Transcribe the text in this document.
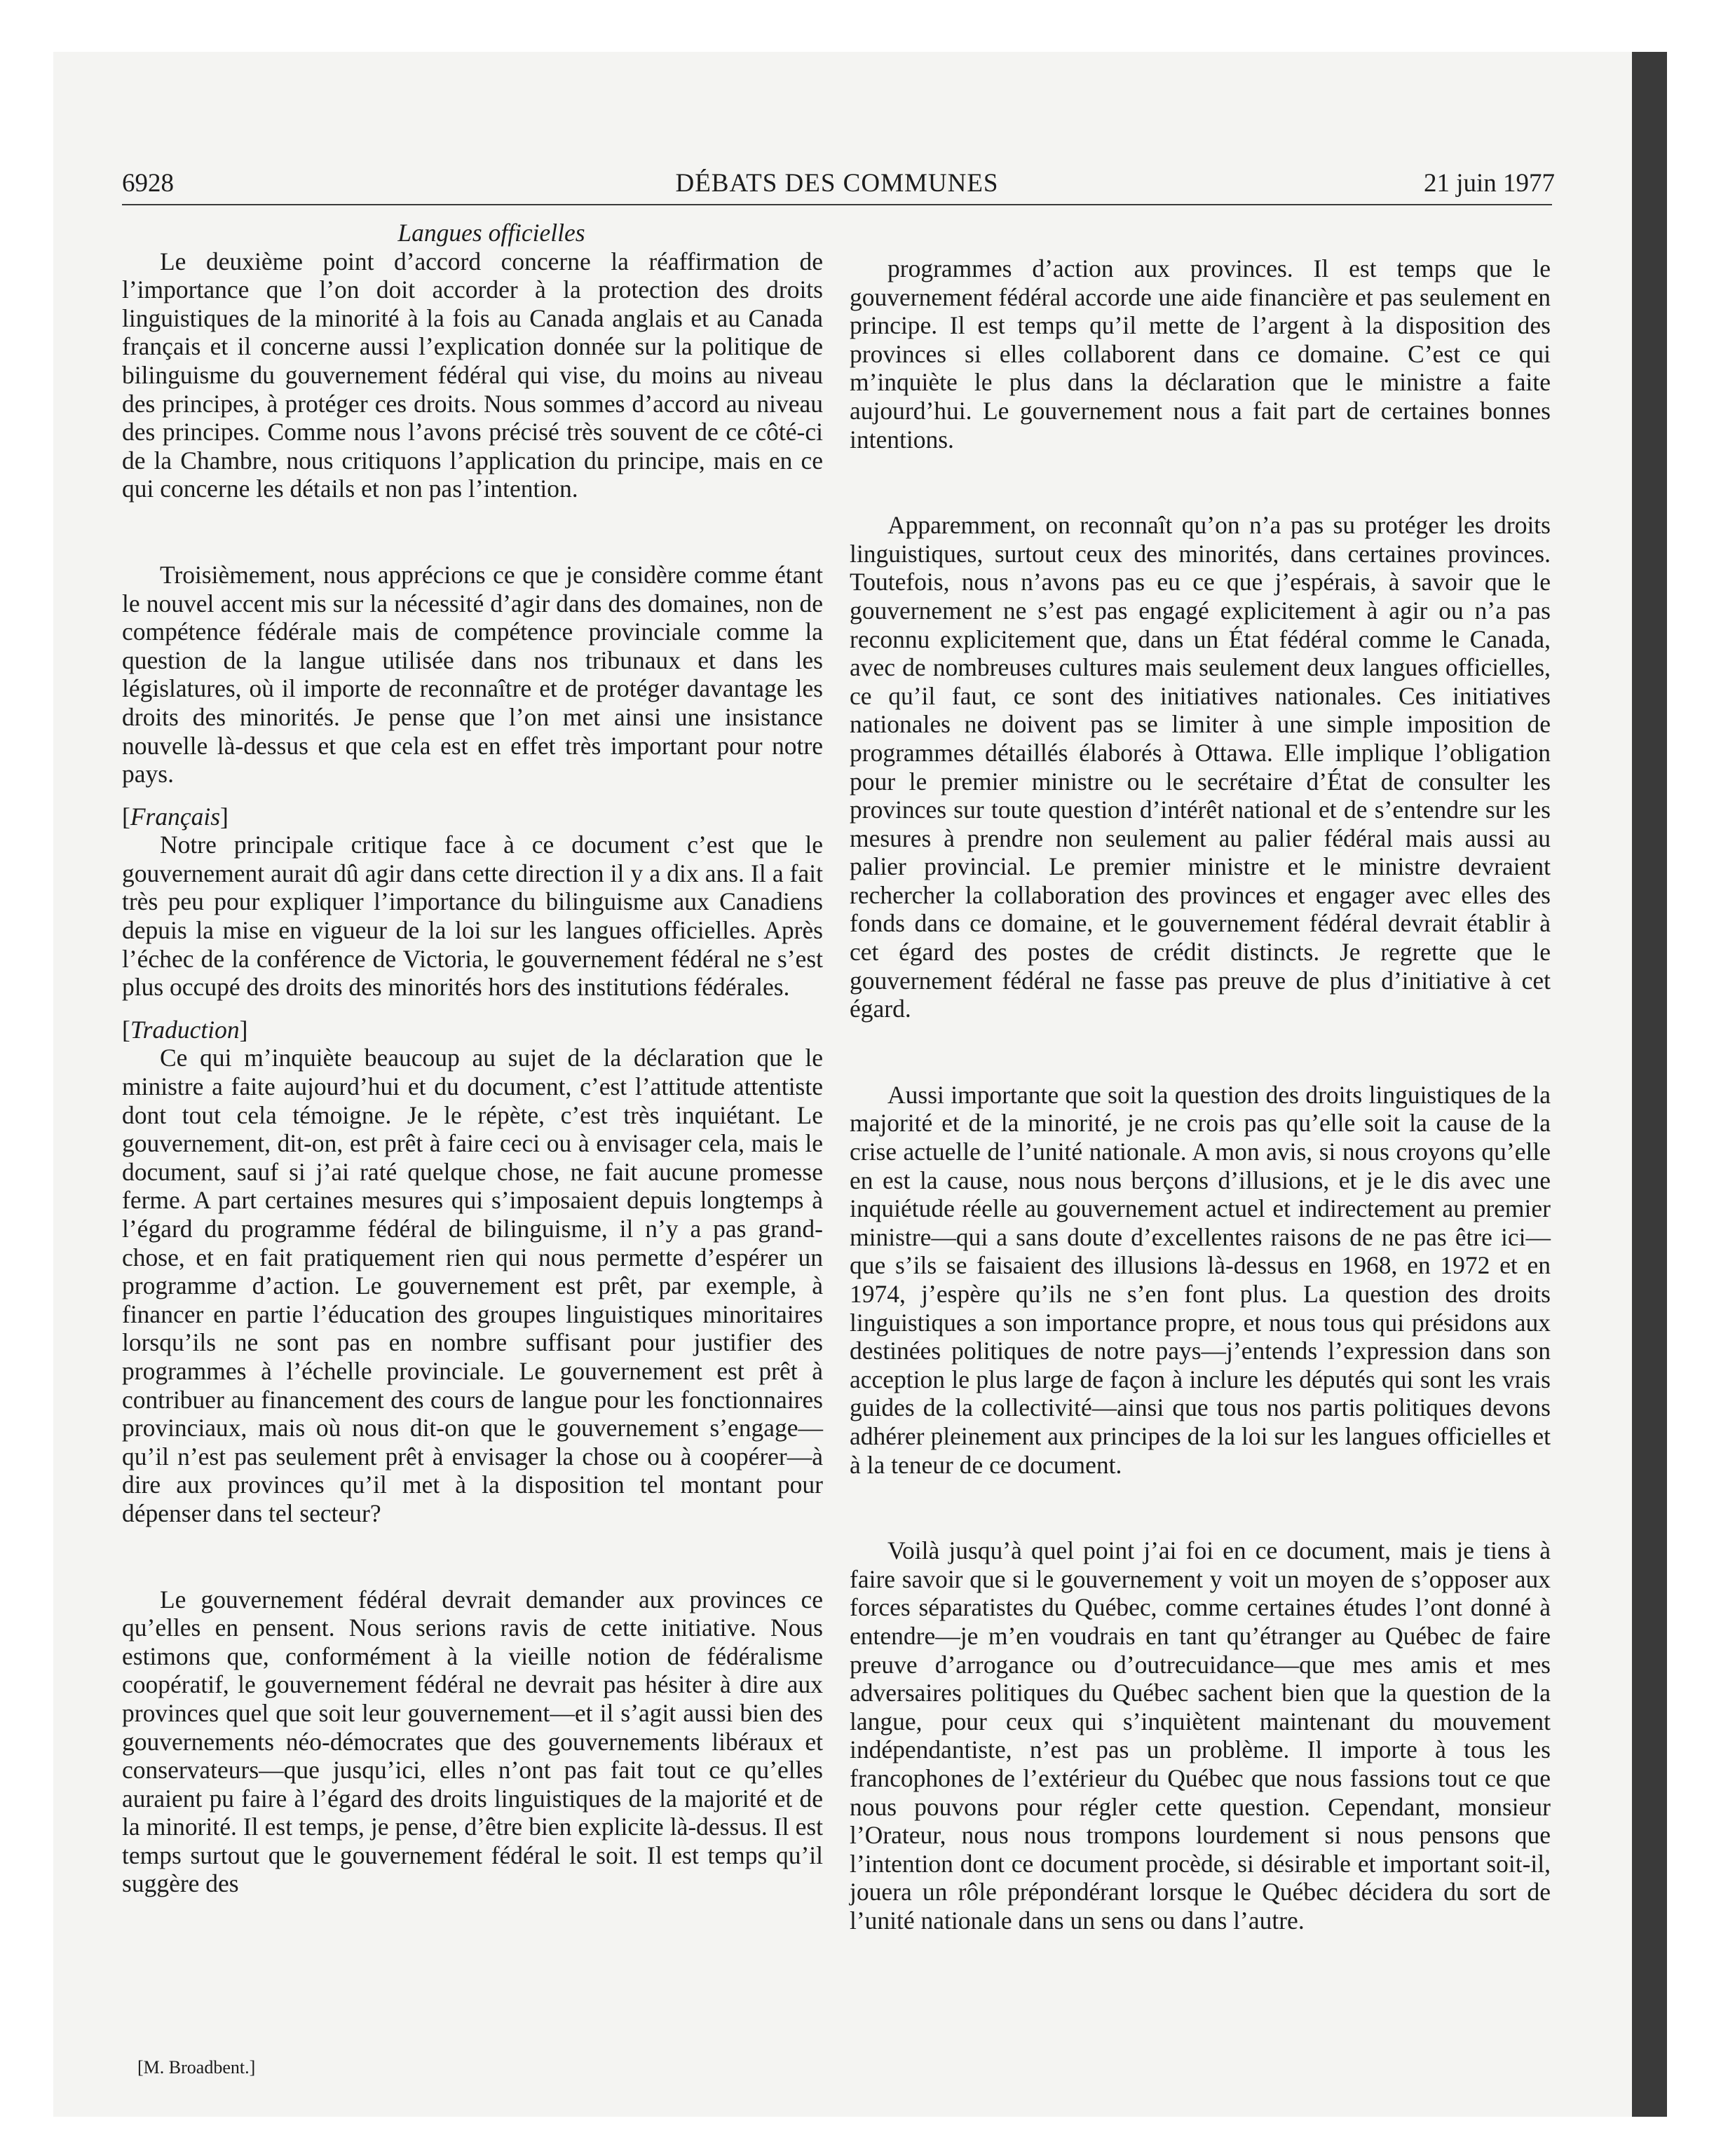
6928	DÉBATS DES COMMUNES	21 juin 1977

Langues officielles

Le deuxième point d’accord concerne la réaffirmation de l’importance que l’on doit accorder à la protection des droits linguistiques de la minorité à la fois au Canada anglais et au Canada français et il concerne aussi l’explication donnée sur la politique de bilinguisme du gouvernement fédéral qui vise, du moins au niveau des principes, à protéger ces droits. Nous sommes d’accord au niveau des principes. Comme nous l’avons précisé très souvent de ce côté-ci de la Chambre, nous critiquons l’application du principe, mais en ce qui concerne les détails et non pas l’intention.

Troisièmement, nous apprécions ce que je considère comme étant le nouvel accent mis sur la nécessité d’agir dans des domaines, non de compétence fédérale mais de compétence provinciale comme la question de la langue utilisée dans nos tribunaux et dans les législatures, où il importe de reconnaître et de protéger davantage les droits des minorités. Je pense que l’on met ainsi une insistance nouvelle là-dessus et que cela est en effet très important pour notre pays.

[Français]

Notre principale critique face à ce document c’est que le gouvernement aurait dû agir dans cette direction il y a dix ans. Il a fait très peu pour expliquer l’importance du bilinguisme aux Canadiens depuis la mise en vigueur de la loi sur les langues officielles. Après l’échec de la conférence de Victoria, le gouvernement fédéral ne s’est plus occupé des droits des minorités hors des institutions fédérales.

[Traduction]

Ce qui m’inquiète beaucoup au sujet de la déclaration que le ministre a faite aujourd’hui et du document, c’est l’attitude attentiste dont tout cela témoigne. Je le répète, c’est très inquiétant. Le gouvernement, dit-on, est prêt à faire ceci ou à envisager cela, mais le document, sauf si j’ai raté quelque chose, ne fait aucune promesse ferme. A part certaines mesures qui s’imposaient depuis longtemps à l’égard du programme fédéral de bilinguisme, il n’y a pas grand-chose, et en fait pratiquement rien qui nous permette d’espérer un programme d’action. Le gouvernement est prêt, par exemple, à financer en partie l’éducation des groupes linguistiques minoritaires lorsqu’ils ne sont pas en nombre suffisant pour justifier des programmes à l’échelle provinciale. Le gouvernement est prêt à contribuer au financement des cours de langue pour les fonctionnaires provinciaux, mais où nous dit-on que le gouvernement s’engage—qu’il n’est pas seulement prêt à envisager la chose ou à coopérer—à dire aux provinces qu’il met à la disposition tel montant pour dépenser dans tel secteur?

Le gouvernement fédéral devrait demander aux provinces ce qu’elles en pensent. Nous serions ravis de cette initiative. Nous estimons que, conformément à la vieille notion de fédéralisme coopératif, le gouvernement fédéral ne devrait pas hésiter à dire aux provinces quel que soit leur gouvernement—et il s’agit aussi bien des gouvernements néo-démocrates que des gouvernements libéraux et conservateurs—que jusqu’ici, elles n’ont pas fait tout ce qu’elles auraient pu faire à l’égard des droits linguistiques de la majorité et de la minorité. Il est temps, je pense, d’être bien explicite là-dessus. Il est temps surtout que le gouvernement fédéral le soit. Il est temps qu’il suggère des

[M. Broadbent.]

programmes d’action aux provinces. Il est temps que le gouvernement fédéral accorde une aide financière et pas seulement en principe. Il est temps qu’il mette de l’argent à la disposition des provinces si elles collaborent dans ce domaine. C’est ce qui m’inquiète le plus dans la déclaration que le ministre a faite aujourd’hui. Le gouvernement nous a fait part de certaines bonnes intentions.

Apparemment, on reconnaît qu’on n’a pas su protéger les droits linguistiques, surtout ceux des minorités, dans certaines provinces. Toutefois, nous n’avons pas eu ce que j’espérais, à savoir que le gouvernement ne s’est pas engagé explicitement à agir ou n’a pas reconnu explicitement que, dans un État fédéral comme le Canada, avec de nombreuses cultures mais seulement deux langues officielles, ce qu’il faut, ce sont des initiatives nationales. Ces initiatives nationales ne doivent pas se limiter à une simple imposition de programmes détaillés élaborés à Ottawa. Elle implique l’obligation pour le premier ministre ou le secrétaire d’État de consulter les provinces sur toute question d’intérêt national et de s’entendre sur les mesures à prendre non seulement au palier fédéral mais aussi au palier provincial. Le premier ministre et le ministre devraient rechercher la collaboration des provinces et engager avec elles des fonds dans ce domaine, et le gouvernement fédéral devrait établir à cet égard des postes de crédit distincts. Je regrette que le gouvernement fédéral ne fasse pas preuve de plus d’initiative à cet égard.

Aussi importante que soit la question des droits linguistiques de la majorité et de la minorité, je ne crois pas qu’elle soit la cause de la crise actuelle de l’unité nationale. A mon avis, si nous croyons qu’elle en est la cause, nous nous berçons d’illusions, et je le dis avec une inquiétude réelle au gouvernement actuel et indirectement au premier ministre—qui a sans doute d’excellentes raisons de ne pas être ici—que s’ils se faisaient des illusions là-dessus en 1968, en 1972 et en 1974, j’espère qu’ils ne s’en font plus. La question des droits linguistiques a son importance propre, et nous tous qui présidons aux destinées politiques de notre pays—j’entends l’expression dans son acception le plus large de façon à inclure les députés qui sont les vrais guides de la collectivité—ainsi que tous nos partis politiques devons adhérer pleinement aux principes de la loi sur les langues officielles et à la teneur de ce document.

Voilà jusqu’à quel point j’ai foi en ce document, mais je tiens à faire savoir que si le gouvernement y voit un moyen de s’opposer aux forces séparatistes du Québec, comme certaines études l’ont donné à entendre—je m’en voudrais en tant qu’étranger au Québec de faire preuve d’arrogance ou d’outrecuidance—que mes amis et mes adversaires politiques du Québec sachent bien que la question de la langue, pour ceux qui s’inquiètent maintenant du mouvement indépendantiste, n’est pas un problème. Il importe à tous les francophones de l’extérieur du Québec que nous fassions tout ce que nous pouvons pour régler cette question. Cependant, monsieur l’Orateur, nous nous trompons lourdement si nous pensons que l’intention dont ce document procède, si désirable et important soit-il, jouera un rôle prépondérant lorsque le Québec décidera du sort de l’unité nationale dans un sens ou dans l’autre.
